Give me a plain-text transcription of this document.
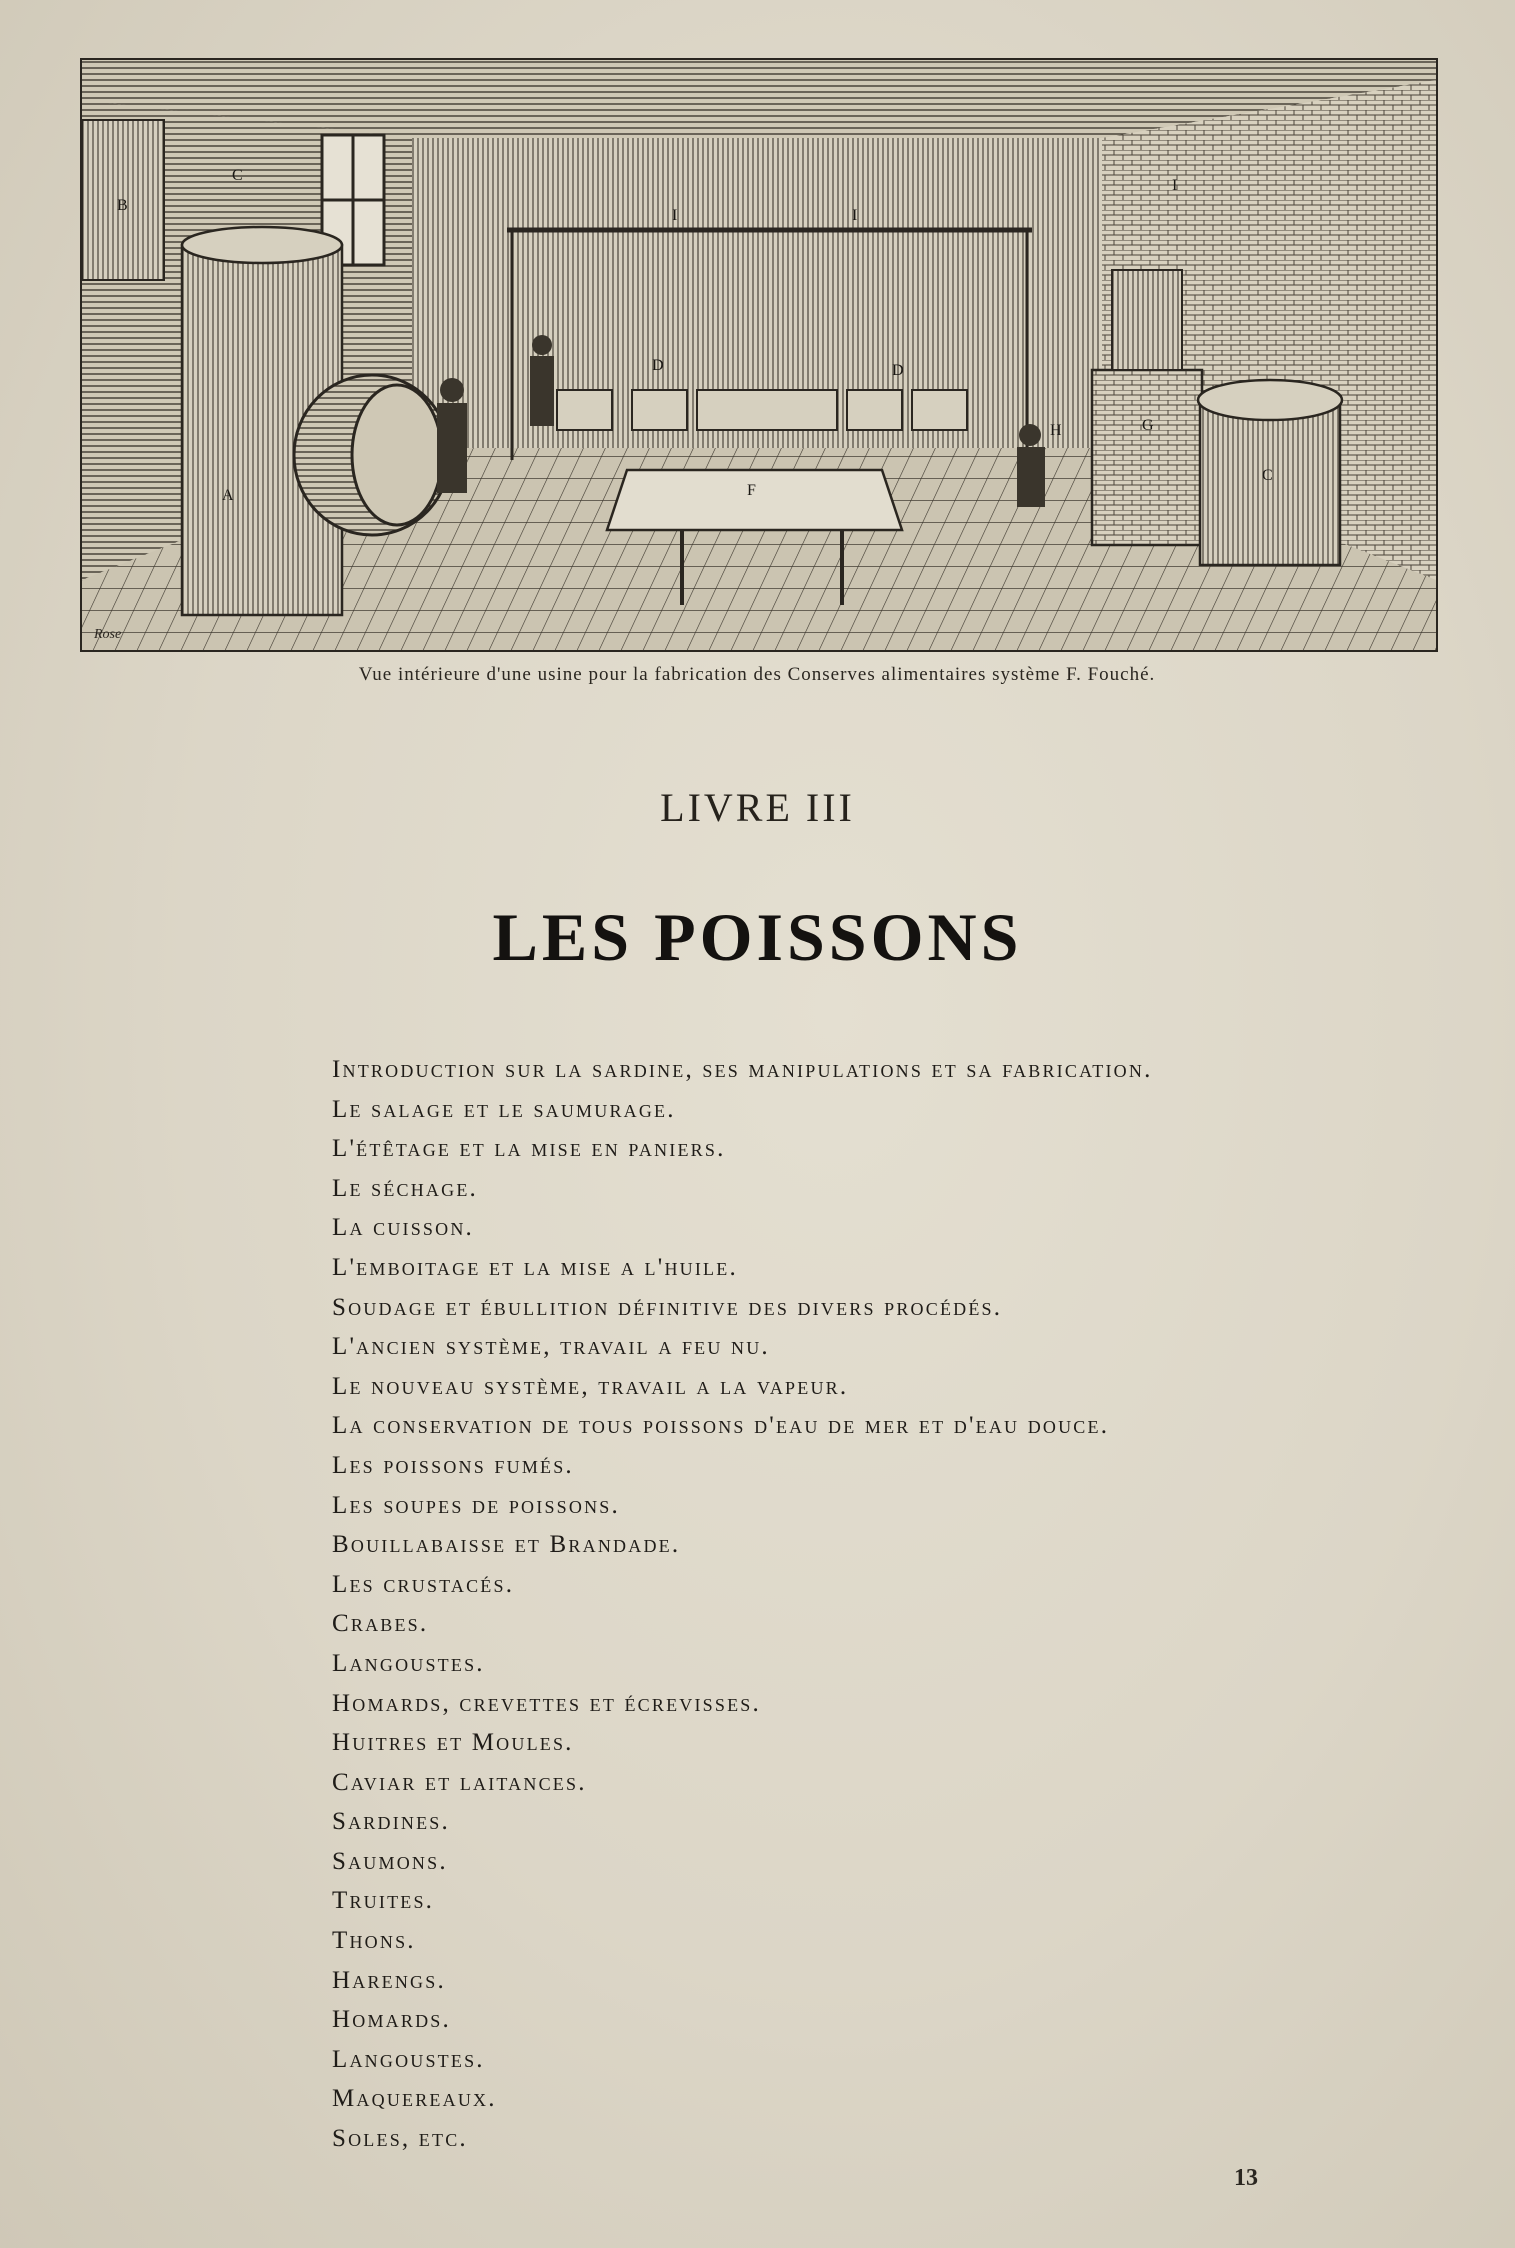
B
A
C
D	D
F
G
H
I	I
I
C
Rose
Vue intérieure d'une usine pour la fabrication des Conserves alimentaires système F. Fouché.
LIVRE III
LES POISSONS
Introduction sur la sardine, ses manipulations et sa fabrication.
Le salage et le saumurage.
L'étêtage et la mise en paniers.
Le séchage.
La cuisson.
L'emboitage et la mise a l'huile.
Soudage et ébullition définitive des divers procédés.
L'ancien système, travail a feu nu.
Le nouveau système, travail a la vapeur.
La conservation de tous poissons d'eau de mer et d'eau douce.
Les poissons fumés.
Les soupes de poissons.
Bouillabaisse et Brandade.
Les crustacés.
Crabes.
Langoustes.
Homards, crevettes et écrevisses.
Huitres et Moules.
Caviar et laitances.
Sardines.
Saumons.
Truites.
Thons.
Harengs.
Homards.
Langoustes.
Maquereaux.
Soles, etc.
13
